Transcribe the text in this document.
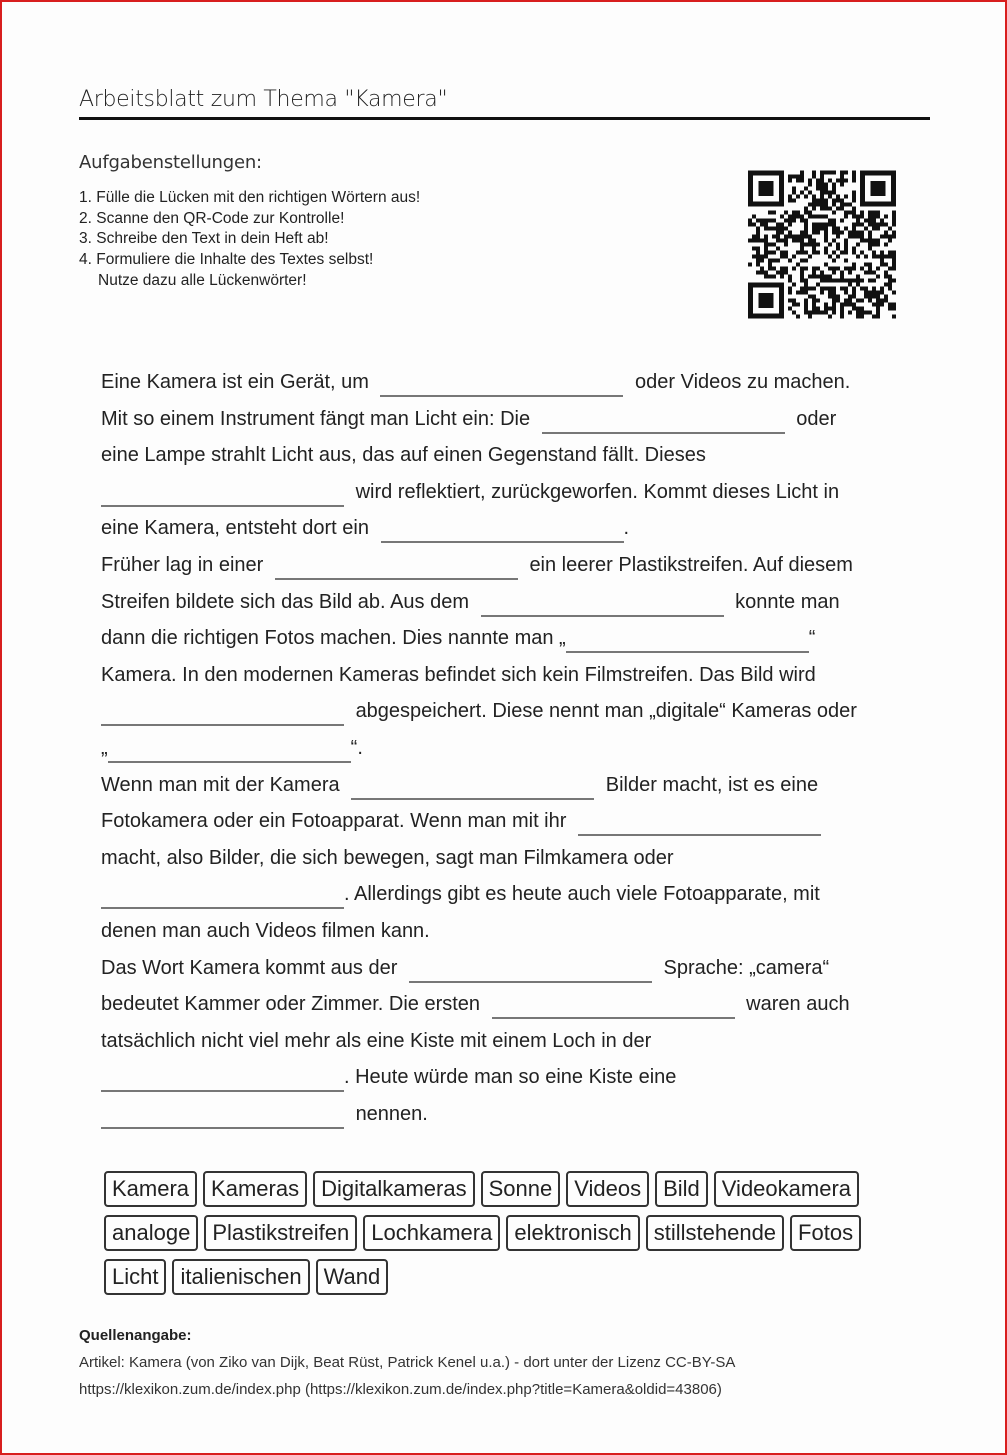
Arbeitsblatt zum Thema "Kamera"
Aufgabenstellungen:
1. Fülle die Lücken mit den richtigen Wörtern aus!
2. Scanne den QR-Code zur Kontrolle!
3. Schreibe den Text in dein Heft ab!
4. Formuliere die Inhalte des Textes selbst!
Nutze dazu alle Lückenwörter!
Eine Kamera ist ein Gerät, um	oder Videos zu machen.
Mit so einem Instrument fängt man Licht ein: Die	oder
eine Lampe strahlt Licht aus, das auf einen Gegenstand fällt. Dieses
wird reflektiert, zurückgeworfen. Kommt dieses Licht in
eine Kamera, entsteht dort ein	.
Früher lag in einer	ein leerer Plastikstreifen. Auf diesem
Streifen bildete sich das Bild ab. Aus dem	konnte man
dann die richtigen Fotos machen. Dies nannte man „	“
Kamera. In den modernen Kameras befindet sich kein Filmstreifen. Das Bild wird
abgespeichert. Diese nennt man „digitale“ Kameras oder
„	“.
Wenn man mit der Kamera	Bilder macht, ist es eine
Fotokamera oder ein Fotoapparat. Wenn man mit ihr
macht, also Bilder, die sich bewegen, sagt man Filmkamera oder
. Allerdings gibt es heute auch viele Fotoapparate, mit
denen man auch Videos filmen kann.
Das Wort Kamera kommt aus der	Sprache: „camera“
bedeutet Kammer oder Zimmer. Die ersten	waren auch
tatsächlich nicht viel mehr als eine Kiste mit einem Loch in der
. Heute würde man so eine Kiste eine
nennen.
Kamera	Kameras	Digitalkameras	Sonne	Videos	Bild	Videokamera
analoge	Plastikstreifen	Lochkamera	elektronisch	stillstehende	Fotos
Licht	italienischen	Wand
Quellenangabe:
Artikel: Kamera (von Ziko van Dijk, Beat Rüst, Patrick Kenel u.a.) - dort unter der Lizenz CC-BY-SA
https://klexikon.zum.de/index.php (https://klexikon.zum.de/index.php?title=Kamera&oldid=43806)
